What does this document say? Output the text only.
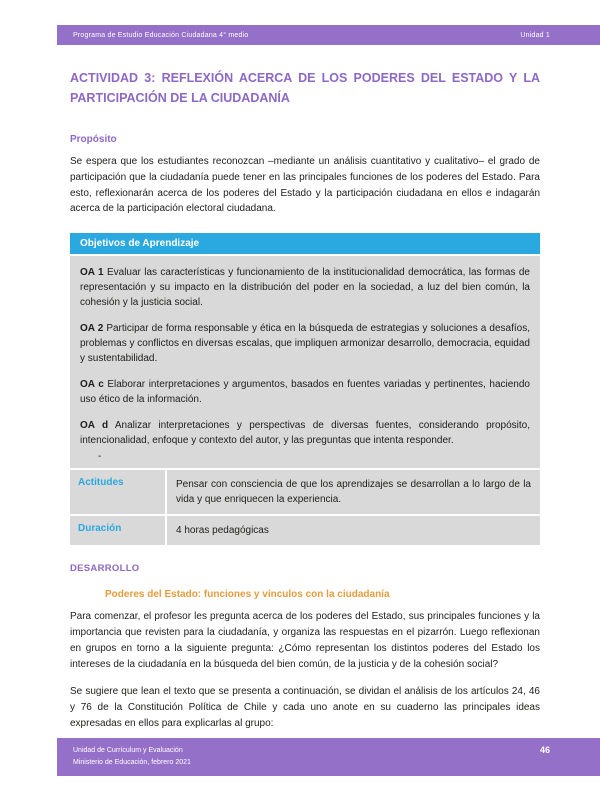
Programa de Estudio Educación Ciudadana 4° medio	Unidad 1
ACTIVIDAD 3: REFLEXIÓN ACERCA DE LOS PODERES DEL ESTADO Y LA PARTICIPACIÓN DE LA CIUDADANÍA
Propósito

Se espera que los estudiantes reconozcan –mediante un análisis cuantitativo y cualitativo– el grado de participación que la ciudadanía puede tener en las principales funciones de los poderes del Estado. Para esto, reflexionarán acerca de los poderes del Estado y la participación ciudadana en ellos e indagarán acerca de la participación electoral ciudadana.

Objetivos de Aprendizaje

OA 1 Evaluar las características y funcionamiento de la institucionalidad democrática, las formas de representación y su impacto en la distribución del poder en la sociedad, a luz del bien común, la cohesión y la justicia social.

OA 2 Participar de forma responsable y ética en la búsqueda de estrategias y soluciones a desafíos, problemas y conflictos en diversas escalas, que impliquen armonizar desarrollo, democracia, equidad y sustentabilidad.

OA c Elaborar interpretaciones y argumentos, basados en fuentes variadas y pertinentes, haciendo uso ético de la información.

OA d Analizar interpretaciones y perspectivas de diversas fuentes, considerando propósito, intencionalidad, enfoque y contexto del autor, y las preguntas que intenta responder.

-
Actitudes	Pensar con consciencia de que los aprendizajes se desarrollan a lo largo de la vida y que enriquecen la experiencia.
Duración	4 horas pedagógicas
DESARROLLO
Poderes del Estado: funciones y vínculos con la ciudadanía

Para comenzar, el profesor les pregunta acerca de los poderes del Estado, sus principales funciones y la importancia que revisten para la ciudadanía, y organiza las respuestas en el pizarrón. Luego reflexionan en grupos en torno a la siguiente pregunta: ¿Cómo representan los distintos poderes del Estado los intereses de la ciudadanía en la búsqueda del bien común, de la justicia y de la cohesión social?

Se sugiere que lean el texto que se presenta a continuación, se dividan el análisis de los artículos 24, 46 y 76 de la Constitución Política de Chile y cada uno anote en su cuaderno las principales ideas expresadas en ellos para explicarlas al grupo:

Unidad de Currículum y Evaluación
Ministerio de Educación, febrero 2021
46
